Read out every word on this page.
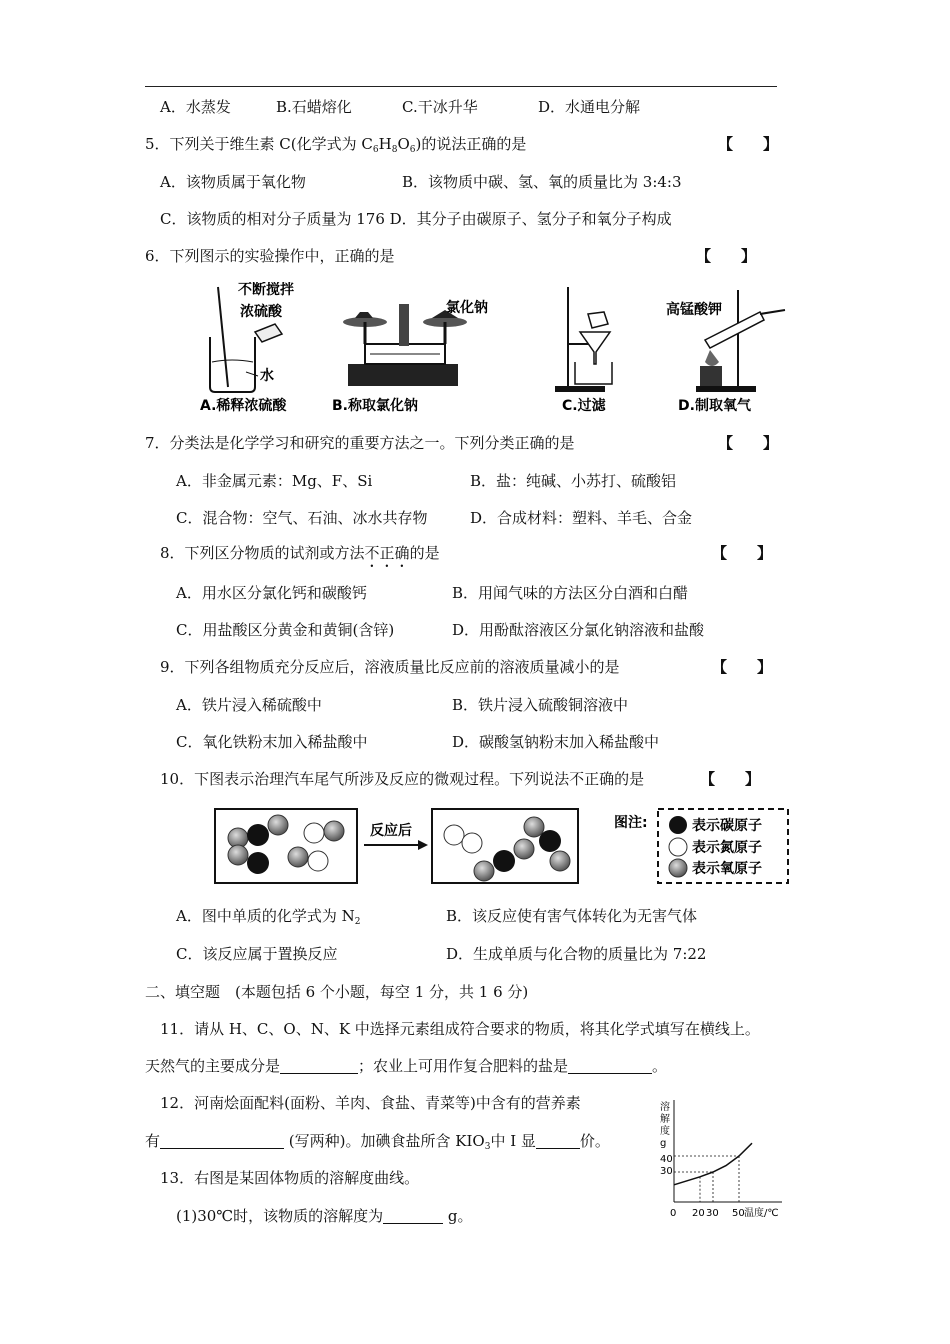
A．水蒸发	B.石蜡熔化	C.干冰升华	D．水通电分解
5．下列关于维生素 C(化学式为 $C_6H_8O_6$)的说法正确的是	【　　】
A．该物质属于氧化物	B．该物质中碳、氢、氧的质量比为 3:4:3
C．该物质的相对分子质量为 176 D．其分子由碳原子、氢分子和氧分子构成
6．下列图示的实验操作中，正确的是	【　　】
不断搅拌
浓硫酸
水
A.稀释浓硫酸
氯化钠
B.称取氯化钠	C.过滤
高锰酸钾
D.制取氧气
7．分类法是化学学习和研究的重要方法之一。下列分类正确的是	【　　】
A．非金属元素：Mg、F、Si	B．盐：纯碱、小苏打、硫酸铝
C．混合物：空气、石油、冰水共存物	D．合成材料：塑料、羊毛、合金
8．下列区分物质的试剂或方法不正确的是	【　　】
A．用水区分氯化钙和碳酸钙	B．用闻气味的方法区分白酒和白醋
C．用盐酸区分黄金和黄铜(含锌)	D．用酚酞溶液区分氯化钠溶液和盐酸
9．下列各组物质充分反应后，溶液质量比反应前的溶液质量减小的是	【　　】
A．铁片浸入稀硫酸中	B．铁片浸入硫酸铜溶液中
C．氧化铁粉末加入稀盐酸中	D．碳酸氢钠粉末加入稀盐酸中
10．下图表示治理汽车尾气所涉及反应的微观过程。下列说法不正确的是	【　　】
反应后	图注:	表示碳原子
表示氮原子
表示氧原子
A．图中单质的化学式为 $N_2$	B．该反应使有害气体转化为无害气体
C．该反应属于置换反应	D．生成单质与化合物的质量比为 7:22
二、填空题　(本题包括 6 个小题，每空 1 分，共 1 6 分)
11．请从 H、C、O、N、K 中选择元素组成符合要求的物质，将其化学式填写在横线上。
天然气的主要成分是	；农业上可用作复合肥料的盐是	。
12．河南烩面配料(面粉、羊肉、食盐、青菜等)中含有的营养素
有	(写两种)。加碘食盐所含 $KIO_3$中 I 显	价。
13．右图是某固体物质的溶解度曲线。
(1)30℃时，该物质的溶解度为	g。
溶
解
度
g
40
30
0 20 30 50 温度/℃
